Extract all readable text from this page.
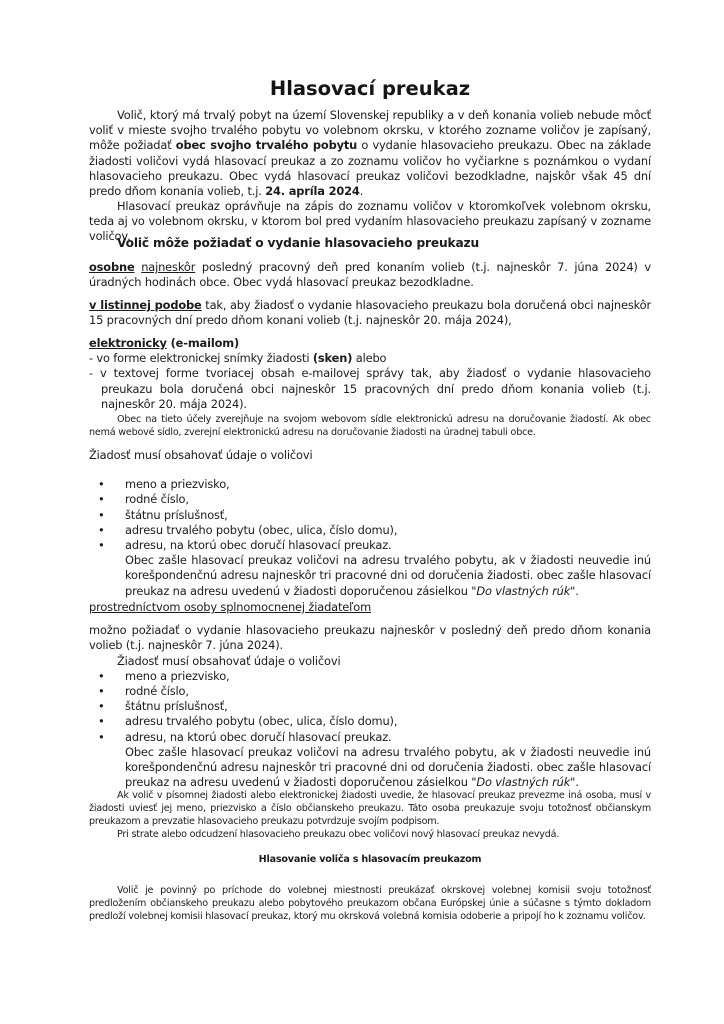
Hlasovací preukaz

Volič, ktorý má trvalý pobyt na území Slovenskej republiky a v deň konania volieb nebude môcť voliť v mieste svojho trvalého pobytu vo volebnom okrsku, v ktorého zozname voličov je zapísaný, môže požiadať obec svojho trvalého pobytu o vydanie hlasovacieho preukazu. Obec na základe žiadosti voličovi vydá hlasovací preukaz a zo zoznamu voličov ho vyčiarkne s poznámkou o vydaní hlasovacieho preukazu. Obec vydá hlasovací preukaz voličovi bezodkladne, najskôr však 45 dní predo dňom konania volieb, t.j. 24. apríla 2024.

Hlasovací preukaz oprávňuje na zápis do zoznamu voličov v ktoromkoľvek volebnom okrsku, teda aj vo volebnom okrsku, v ktorom bol pred vydaním hlasovacieho preukazu zapísaný v zozname voličov.

Volič môže požiadať o vydanie hlasovacieho preukazu

osobne najneskôr posledný pracovný deň pred konaním volieb (t.j. najneskôr 7. júna 2024) v úradných hodinách obce. Obec vydá hlasovací preukaz bezodkladne.

v listinnej podobe tak, aby žiadosť o vydanie hlasovacieho preukazu bola doručená obci najneskôr 15 pracovných dní predo dňom konani volieb (t.j. najneskôr 20. mája 2024),

elektronicky (e-mailom)

- vo forme elektronickej snímky žiadosti (sken) alebo

- v textovej forme tvoriacej obsah e-mailovej správy tak, aby žiadosť o vydanie hlasovacieho preukazu bola doručená obci najneskôr 15 pracovných dní predo dňom konania volieb (t.j. najneskôr 20. mája 2024).

Obec na tieto účely zverejňuje na svojom webovom sídle elektronickú adresu na doručovanie žiadostí. Ak obec nemá webové sídlo, zverejní elektronickú adresu na doručovanie žiadosti na úradnej tabuli obce.

Žiadosť musí obsahovať údaje o voličovi

• meno a priezvisko,
• rodné číslo,
• štátnu príslušnosť,
• adresu trvalého pobytu (obec, ulica, číslo domu),
• adresu, na ktorú obec doručí hlasovací preukaz.

Obec zašle hlasovací preukaz voličovi na adresu trvalého pobytu, ak v žiadosti neuvedie inú korešpondenčnú adresu najneskôr tri pracovné dni od doručenia žiadosti. obec zašle hlasovací preukaz na adresu uvedenú v žiadosti doporučenou zásielkou "Do vlastných rúk".

prostredníctvom osoby splnomocnenej žiadateľom

možno požiadať o vydanie hlasovacieho preukazu najneskôr v posledný deň predo dňom konania volieb (t.j. najneskôr 7. júna 2024).

Žiadosť musí obsahovať údaje o voličovi

• meno a priezvisko,
• rodné číslo,
• štátnu príslušnosť,
• adresu trvalého pobytu (obec, ulica, číslo domu),
• adresu, na ktorú obec doručí hlasovací preukaz.

Obec zašle hlasovací preukaz voličovi na adresu trvalého pobytu, ak v žiadosti neuvedie inú korešpondenčnú adresu najneskôr tri pracovné dni od doručenia žiadosti. obec zašle hlasovací preukaz na adresu uvedenú v žiadosti doporučenou zásielkou "Do vlastných rúk".

Ak volič v písomnej žiadosti alebo elektronickej žiadosti uvedie, že hlasovací preukaz prevezme iná osoba, musí v žiadosti uviesť jej meno, priezvisko a číslo občianskeho preukazu. Táto osoba preukazuje svoju totožnosť občianskym preukazom a prevzatie hlasovacieho preukazu potvrdzuje svojím podpisom.

Pri strate alebo odcudzení hlasovacieho preukazu obec voličovi nový hlasovací preukaz nevydá.

Hlasovanie voliča s hlasovacím preukazom

Volič je povinný po príchode do volebnej miestnosti preukázať okrskovej volebnej komisii svoju totožnosť predložením občianskeho preukazu alebo pobytového preukazom občana Európskej únie a súčasne s týmto dokladom predloží volebnej komisii hlasovací preukaz, ktorý mu okrsková volebná komisia odoberie a pripojí ho k zoznamu voličov.
